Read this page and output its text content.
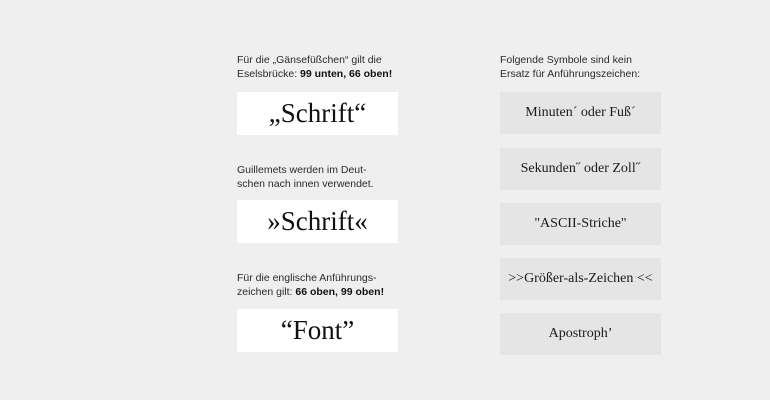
Für die „Gänsefüßchen“ gilt die
Eselsbrücke: 99 unten, 66 oben!
„Schrift“
Guillemets werden im Deut-
schen nach innen verwendet.
»Schrift«
Für die englische Anführungs-
zeichen gilt: 66 oben, 99 oben!
“Font”
Folgende Symbole sind kein
Ersatz für Anführungszeichen:
Minuten´ oder Fuß´
Sekunden˝ oder Zoll˝
"ASCII-Striche"
>>Größer-als-Zeichen <<
Apostroph’
